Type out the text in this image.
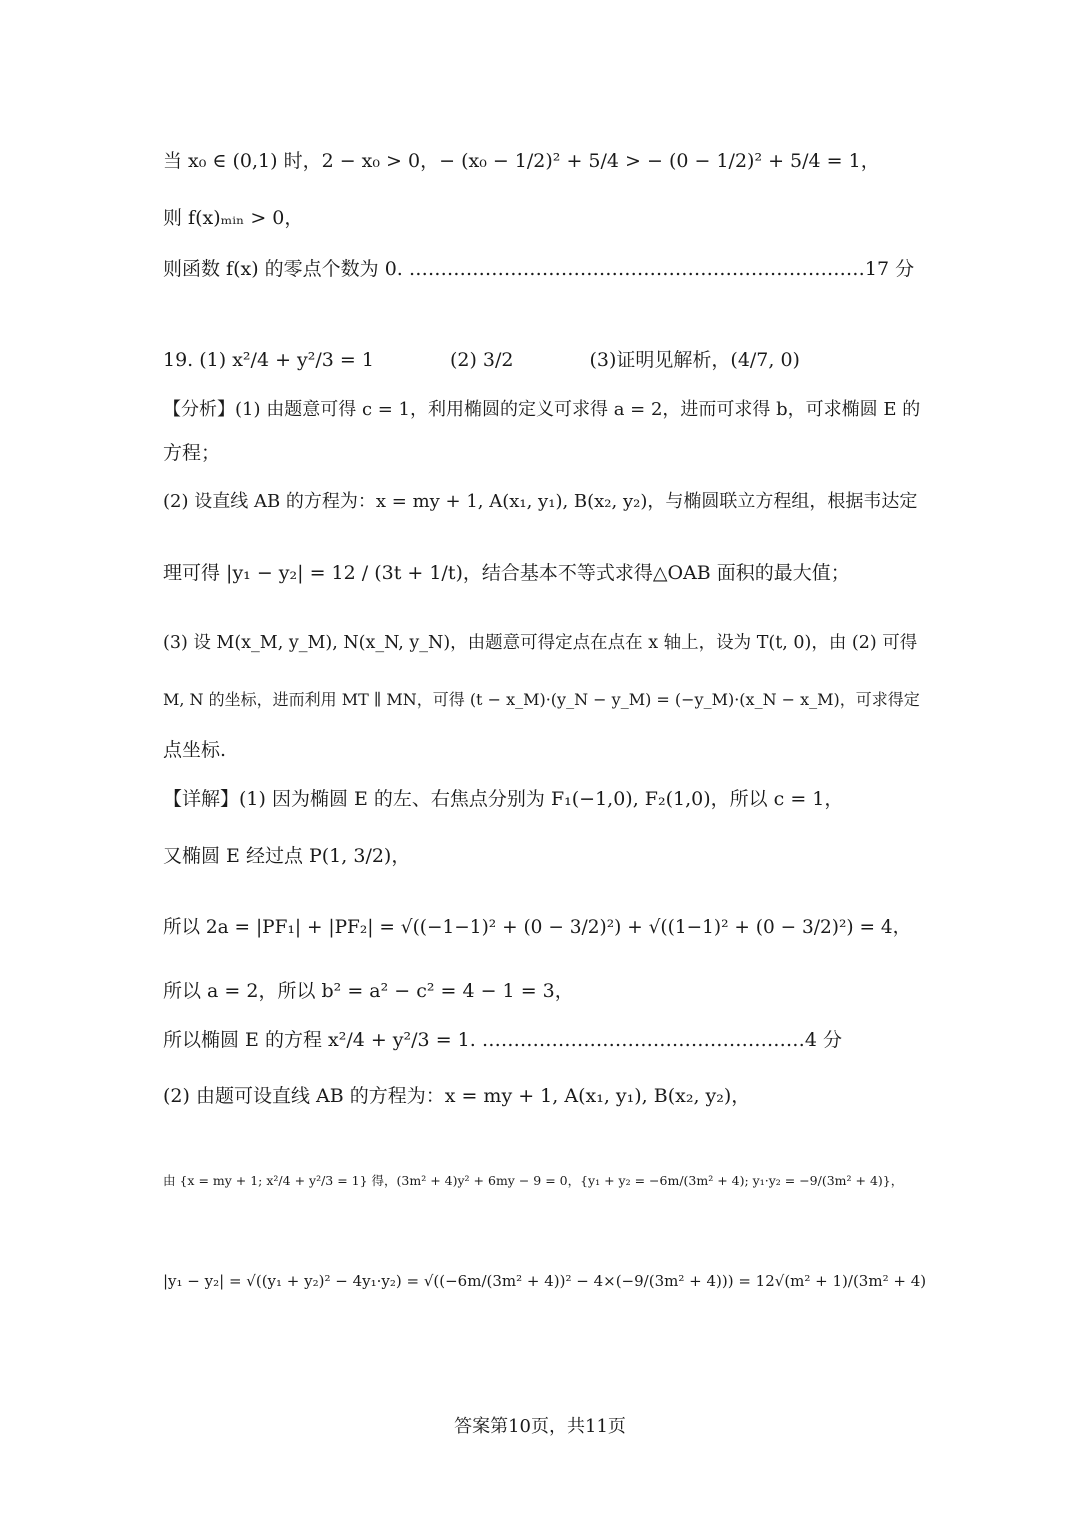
当 x₀ ∈ (0,1) 时，2 − x₀ > 0，− (x₀ − 1/2)² + 5/4 > − (0 − 1/2)² + 5/4 = 1，
则 f(x)ₘᵢₙ > 0，
则函数 f(x) 的零点个数为 0. ………………………………………………………………17 分
19. (1) x²/4 + y²/3 = 1　　　　(2) 3/2　　　　(3)证明见解析，(4/7, 0)
【分析】(1) 由题意可得 c = 1，利用椭圆的定义可求得 a = 2，进而可求得 b，可求椭圆 E 的
方程；
(2) 设直线 AB 的方程为：x = my + 1, A(x₁, y₁), B(x₂, y₂)，与椭圆联立方程组，根据韦达定
理可得 |y₁ − y₂| = 12 / (3t + 1/t)，结合基本不等式求得△OAB 面积的最大值；
(3) 设 M(x_M, y_M), N(x_N, y_N)，由题意可得定点在点在 x 轴上，设为 T(t, 0)，由 (2) 可得
M, N 的坐标，进而利用 MT ∥ MN，可得 (t − x_M)·(y_N − y_M) = (−y_M)·(x_N − x_M)，可求得定
点坐标.
【详解】(1) 因为椭圆 E 的左、右焦点分别为 F₁(−1,0), F₂(1,0)，所以 c = 1，
又椭圆 E 经过点 P(1, 3/2)，
所以 2a = |PF₁| + |PF₂| = √((−1−1)² + (0 − 3/2)²) + √((1−1)² + (0 − 3/2)²) = 4，
所以 a = 2，所以 b² = a² − c² = 4 − 1 = 3，
所以椭圆 E 的方程 x²/4 + y²/3 = 1. ……………………………………………4 分
(2) 由题可设直线 AB 的方程为：x = my + 1, A(x₁, y₁), B(x₂, y₂)，
由 {x = my + 1; x²/4 + y²/3 = 1} 得，(3m² + 4)y² + 6my − 9 = 0，{y₁ + y₂ = −6m/(3m² + 4); y₁·y₂ = −9/(3m² + 4)}，
|y₁ − y₂| = √((y₁ + y₂)² − 4y₁·y₂) = √((−6m/(3m² + 4))² − 4×(−9/(3m² + 4))) = 12√(m² + 1)/(3m² + 4)
答案第10页，共11页
